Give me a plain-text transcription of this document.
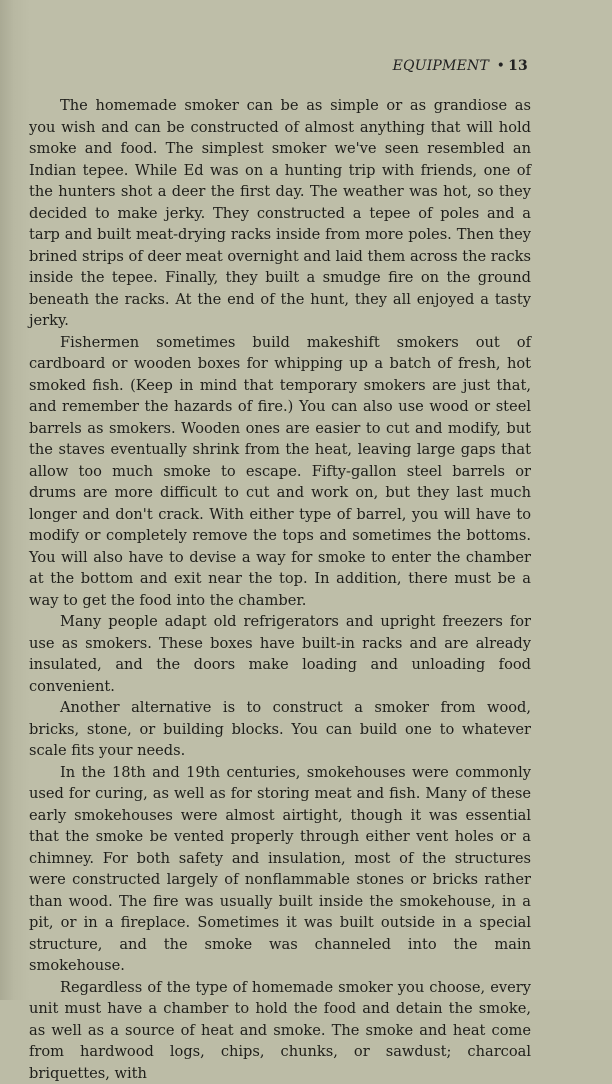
EQUIPMENT • 13

The homemade smoker can be as simple or as grandiose as you wish and can be constructed of almost anything that will hold smoke and food. The simplest smoker we've seen resembled an Indian tepee. While Ed was on a hunting trip with friends, one of the hunters shot a deer the first day. The weather was hot, so they decided to make jerky. They constructed a tepee of poles and a tarp and built meat-drying racks inside from more poles. Then they brined strips of deer meat overnight and laid them across the racks inside the tepee. Finally, they built a smudge fire on the ground beneath the racks. At the end of the hunt, they all enjoyed a tasty jerky.

Fishermen sometimes build makeshift smokers out of cardboard or wooden boxes for whipping up a batch of fresh, hot smoked fish. (Keep in mind that temporary smokers are just that, and remember the hazards of fire.) You can also use wood or steel barrels as smokers. Wooden ones are easier to cut and modify, but the staves eventually shrink from the heat, leaving large gaps that allow too much smoke to escape. Fifty-gallon steel barrels or drums are more difficult to cut and work on, but they last much longer and don't crack. With either type of barrel, you will have to modify or completely remove the tops and sometimes the bottoms. You will also have to devise a way for smoke to enter the chamber at the bottom and exit near the top. In addition, there must be a way to get the food into the chamber.

Many people adapt old refrigerators and upright freezers for use as smokers. These boxes have built-in racks and are already insulated, and the doors make loading and unloading food convenient.

Another alternative is to construct a smoker from wood, bricks, stone, or building blocks. You can build one to whatever scale fits your needs.

In the 18th and 19th centuries, smokehouses were commonly used for curing, as well as for storing meat and fish. Many of these early smokehouses were almost airtight, though it was essential that the smoke be vented properly through either vent holes or a chimney. For both safety and insulation, most of the structures were constructed largely of nonflammable stones or bricks rather than wood. The fire was usually built inside the smokehouse, in a pit, or in a fireplace. Sometimes it was built outside in a special structure, and the smoke was channeled into the main smokehouse.

Regardless of the type of homemade smoker you choose, every unit must have a chamber to hold the food and detain the smoke, as well as a source of heat and smoke. The smoke and heat come from hardwood logs, chips, chunks, or sawdust; charcoal briquettes, with
